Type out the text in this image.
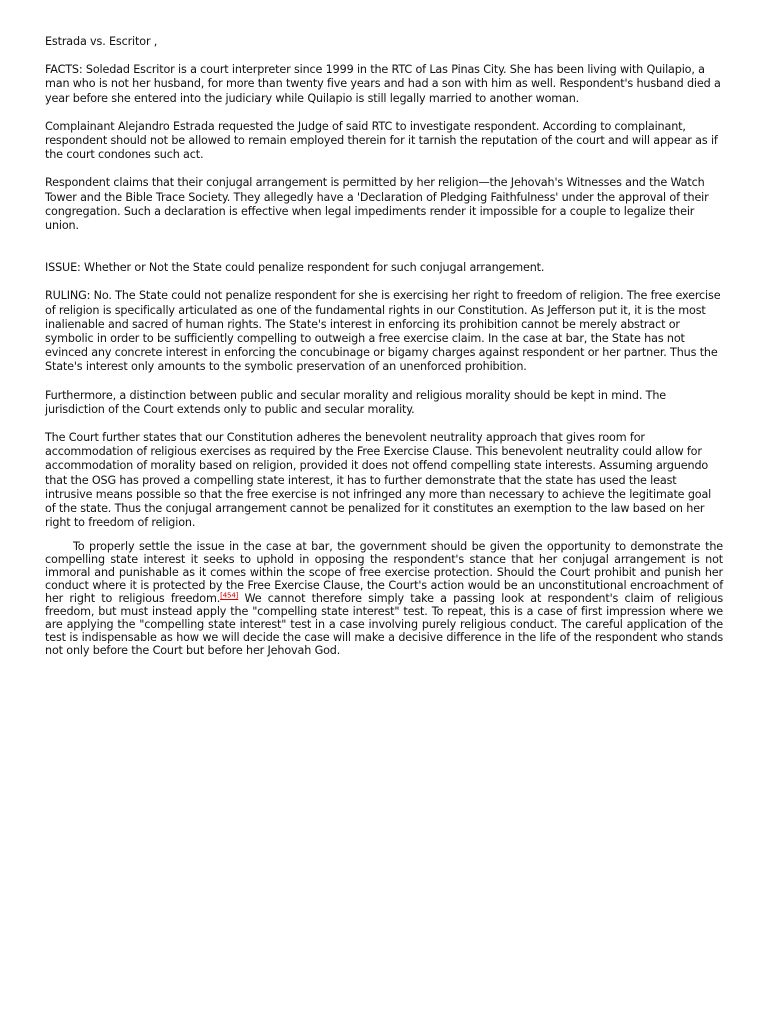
Estrada vs. Escritor ,

FACTS: Soledad Escritor is a court interpreter since 1999 in the RTC of Las Pinas City. She has been living with Quilapio, a man who is not her husband, for more than twenty five years and had a son with him as well. Respondent's husband died a year before she entered into the judiciary while Quilapio is still legally married to another woman.

Complainant Alejandro Estrada requested the Judge of said RTC to investigate respondent. According to complainant, respondent should not be allowed to remain employed therein for it tarnish the reputation of the court and will appear as if the court condones such act.

Respondent claims that their conjugal arrangement is permitted by her religion—the Jehovah's Witnesses and the Watch Tower and the Bible Trace Society. They allegedly have a 'Declaration of Pledging Faithfulness' under the approval of their congregation. Such a declaration is effective when legal impediments render it impossible for a couple to legalize their union.

ISSUE: Whether or Not the State could penalize respondent for such conjugal arrangement.

RULING: No. The State could not penalize respondent for she is exercising her right to freedom of religion. The free exercise of religion is specifically articulated as one of the fundamental rights in our Constitution. As Jefferson put it, it is the most inalienable and sacred of human rights. The State's interest in enforcing its prohibition cannot be merely abstract or symbolic in order to be sufficiently compelling to outweigh a free exercise claim. In the case at bar, the State has not evinced any concrete interest in enforcing the concubinage or bigamy charges against respondent or her partner. Thus the State's interest only amounts to the symbolic preservation of an unenforced prohibition.

Furthermore, a distinction between public and secular morality and religious morality should be kept in mind. The jurisdiction of the Court extends only to public and secular morality.

The Court further states that our Constitution adheres the benevolent neutrality approach that gives room for accommodation of religious exercises as required by the Free Exercise Clause. This benevolent neutrality could allow for accommodation of morality based on religion, provided it does not offend compelling state interests. Assuming arguendo that the OSG has proved a compelling state interest, it has to further demonstrate that the state has used the least intrusive means possible so that the free exercise is not infringed any more than necessary to achieve the legitimate goal of the state. Thus the conjugal arrangement cannot be penalized for it constitutes an exemption to the law based on her right to freedom of religion.

To properly settle the issue in the case at bar, the government should be given the opportunity to demonstrate the compelling state interest it seeks to uphold in opposing the respondent's stance that her conjugal arrangement is not immoral and punishable as it comes within the scope of free exercise protection. Should the Court prohibit and punish her conduct where it is protected by the Free Exercise Clause, the Court's action would be an unconstitutional encroachment of her right to religious freedom.[454] We cannot therefore simply take a passing look at respondent's claim of religious freedom, but must instead apply the "compelling state interest" test. To repeat, this is a case of first impression where we are applying the "compelling state interest" test in a case involving purely religious conduct. The careful application of the test is indispensable as how we will decide the case will make a decisive difference in the life of the respondent who stands not only before the Court but before her Jehovah God.
